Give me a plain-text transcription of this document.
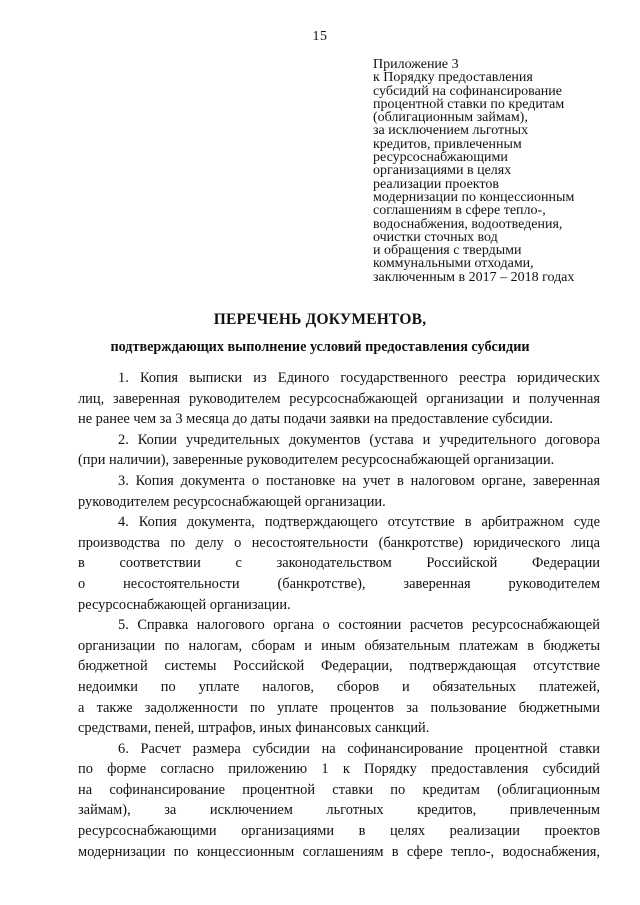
15
Приложение 3
к Порядку предоставления
субсидий на софинансирование
процентной ставки по кредитам
(облигационным займам),
за исключением льготных
кредитов, привлеченным
ресурсоснабжающими
организациями в целях
реализации проектов
модернизации по концессионным
соглашениям в сфере тепло-,
водоснабжения, водоотведения,
очистки сточных вод
и обращения с твердыми
коммунальными отходами,
заключенным в 2017 – 2018 годах
ПЕРЕЧЕНЬ ДОКУМЕНТОВ,
подтверждающих выполнение условий предоставления субсидии
1. Копия выписки из Единого государственного реестра юридических
лиц, заверенная руководителем ресурсоснабжающей организации и полученная
не ранее чем за 3 месяца до даты подачи заявки на предоставление субсидии.
2. Копии учредительных документов (устава и учредительного договора
(при наличии), заверенные руководителем ресурсоснабжающей организации.
3. Копия документа о постановке на учет в налоговом органе, заверенная
руководителем ресурсоснабжающей организации.
4. Копия документа, подтверждающего отсутствие в арбитражном суде
производства по делу о несостоятельности (банкротстве) юридического лица
в соответствии с законодательством Российской Федерации
о несостоятельности (банкротстве), заверенная руководителем
ресурсоснабжающей организации.
5. Справка налогового органа о состоянии расчетов ресурсоснабжающей
организации по налогам, сборам и иным обязательным платежам в бюджеты
бюджетной системы Российской Федерации, подтверждающая отсутствие
недоимки по уплате налогов, сборов и обязательных платежей,
а также задолженности по уплате процентов за пользование бюджетными
средствами, пеней, штрафов, иных финансовых санкций.
6. Расчет размера субсидии на софинансирование процентной ставки
по форме согласно приложению 1 к Порядку предоставления субсидий
на софинансирование процентной ставки по кредитам (облигационным
займам), за исключением льготных кредитов, привлеченным
ресурсоснабжающими организациями в целях реализации проектов
модернизации по концессионным соглашениям в сфере тепло-, водоснабжения,
